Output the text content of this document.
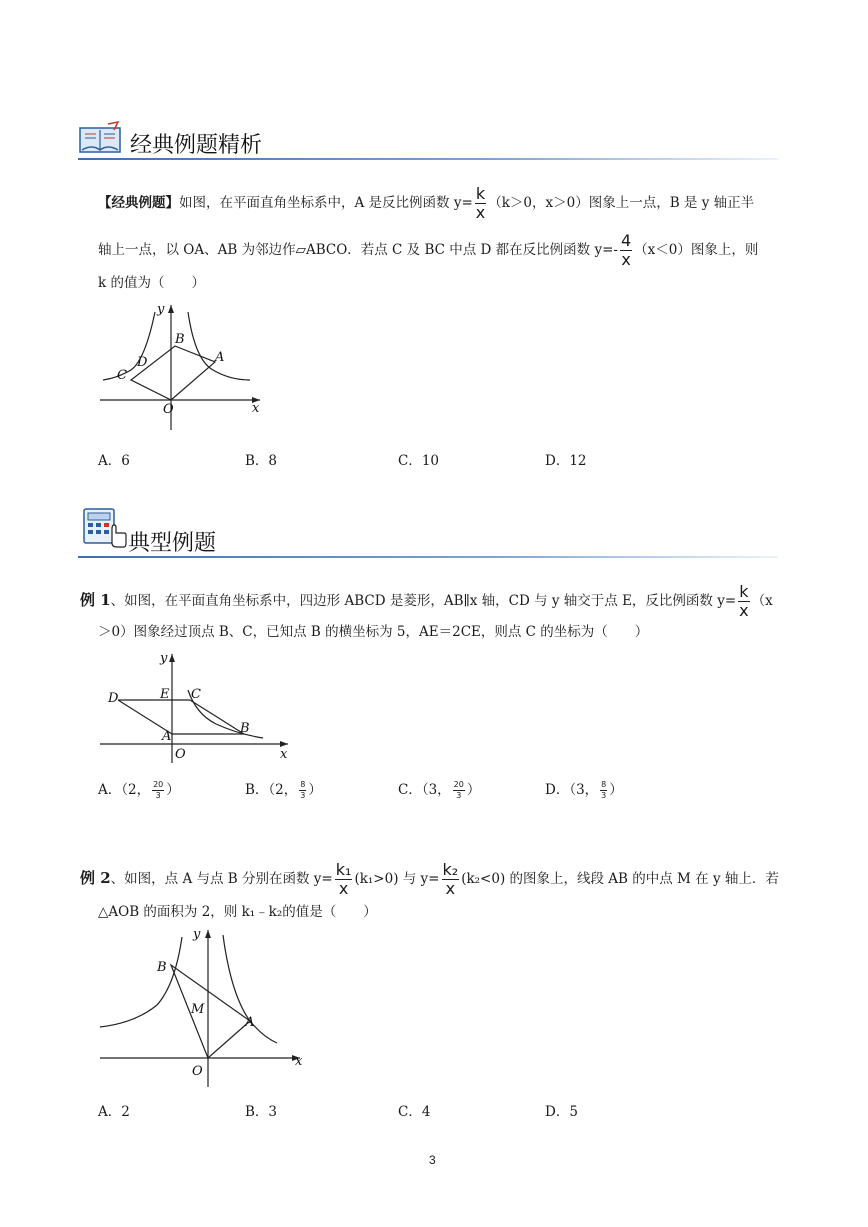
经典例题精析
【经典例题】如图，在平面直角坐标系中，A 是反比例函数 $y= \frac{k}{x} (k>0$，x＞0）图象上一点，B 是 y 轴正半
轴上一点，以 OA、AB 为邻边作▱ABCO．若点 C 及 BC 中点 D 都在反比例函数 $y=- \frac{4}{x} (x<0)$图象上，则
k 的值为（　　）
O
y
x
A
B
C
D
A．6	B．8	C．10	D．12
典型例题
例 1、如图，在平面直角坐标系中，四边形 ABCD 是菱形，AB∥x 轴，CD 与 y 轴交于点 E，反比例函数 $y= \frac{k}{x} (x$
＞0）图象经过顶点 B、C，已知点 B 的横坐标为 5，AE＝2CE，则点 C 的坐标为（　　）
y
x
O
A
B
C
D	E
A．（2， $\frac{20}{3}$ ）	B．（2， $\frac{8}{3}$ ）	C．（3， $\frac{20}{3}$ ）	D．（3， $\frac{8}{3}$ ）
例 2、如图，点 A 与点 B 分别在函数 $y= \frac{\text{k₁}}{x} (k_1>0)$ 与 $y= \frac{\text{k₂}}{x} (k_2<0)$ 的图象上，线段 AB 的中点 M 在 y 轴上．若
△AOB 的面积为 2，则 k₁﹣k₂的值是（　　）
y
x
O
A
B
M
A．2	B．3	C．4	D．5
3
